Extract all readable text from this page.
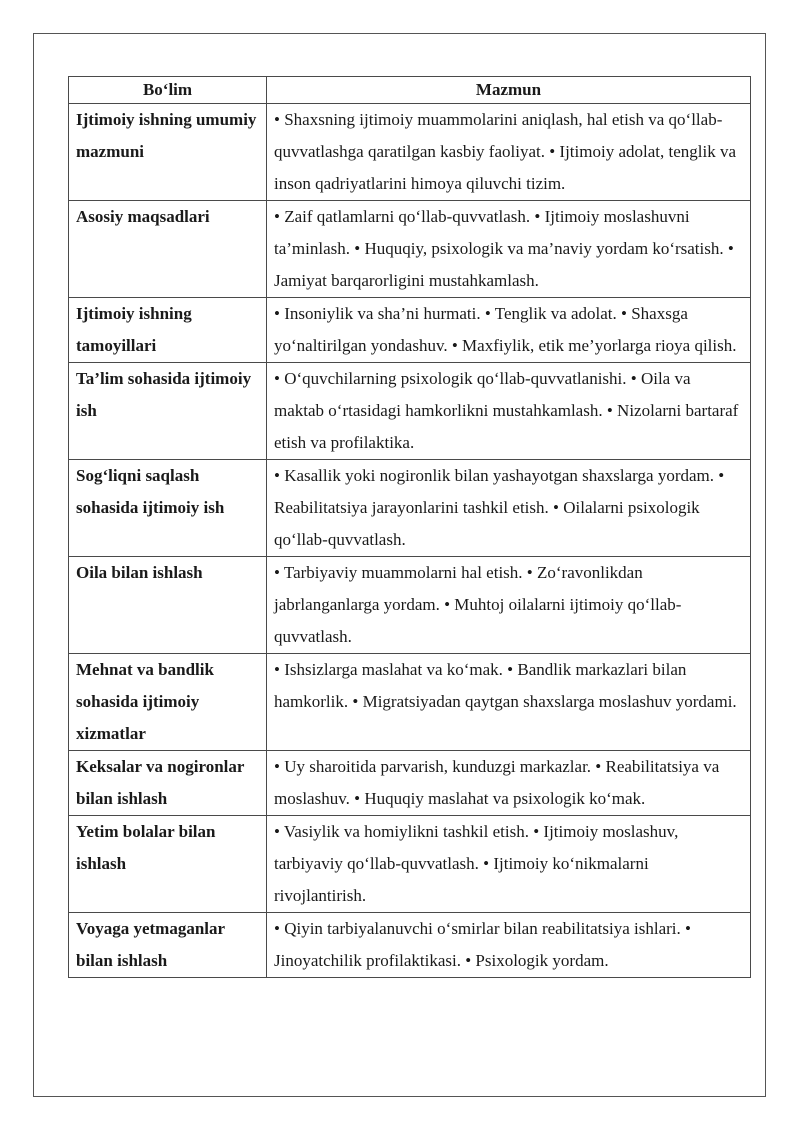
Bo‘lim	Mazmun
Ijtimoiy ishning umumiy mazmuni	• Shaxsning ijtimoiy muammolarini aniqlash, hal etish va qo‘llab-quvvatlashga qaratilgan kasbiy faoliyat. • Ijtimoiy adolat, tenglik va inson qadriyatlarini himoya qiluvchi tizim.
Asosiy maqsadlari	• Zaif qatlamlarni qo‘llab-quvvatlash. • Ijtimoiy moslashuvni ta’minlash. • Huquqiy, psixologik va ma’naviy yordam ko‘rsatish. • Jamiyat barqarorligini mustahkamlash.
Ijtimoiy ishning tamoyillari	• Insoniylik va sha’ni hurmati. • Tenglik va adolat. • Shaxsga yo‘naltirilgan yondashuv. • Maxfiylik, etik me’yorlarga rioya qilish.
Ta’lim sohasida ijtimoiy ish	• O‘quvchilarning psixologik qo‘llab-quvvatlanishi. • Oila va maktab o‘rtasidagi hamkorlikni mustahkamlash. • Nizolarni bartaraf etish va profilaktika.
Sog‘liqni saqlash sohasida ijtimoiy ish	• Kasallik yoki nogironlik bilan yashayotgan shaxslarga yordam. • Reabilitatsiya jarayonlarini tashkil etish. • Oilalarni psixologik qo‘llab-quvvatlash.
Oila bilan ishlash	• Tarbiyaviy muammolarni hal etish. • Zo‘ravonlikdan jabrlanganlarga yordam. • Muhtoj oilalarni ijtimoiy qo‘llab-quvvatlash.
Mehnat va bandlik sohasida ijtimoiy xizmatlar	• Ishsizlarga maslahat va ko‘mak. • Bandlik markazlari bilan hamkorlik. • Migratsiyadan qaytgan shaxslarga moslashuv yordami.
Keksalar va nogironlar bilan ishlash	• Uy sharoitida parvarish, kunduzgi markazlar. • Reabilitatsiya va moslashuv. • Huquqiy maslahat va psixologik ko‘mak.
Yetim bolalar bilan ishlash	• Vasiylik va homiylikni tashkil etish. • Ijtimoiy moslashuv, tarbiyaviy qo‘llab-quvvatlash. • Ijtimoiy ko‘nikmalarni rivojlantirish.
Voyaga yetmaganlar bilan ishlash	• Qiyin tarbiyalanuvchi o‘smirlar bilan reabilitatsiya ishlari. • Jinoyatchilik profilaktikasi. • Psixologik yordam.
